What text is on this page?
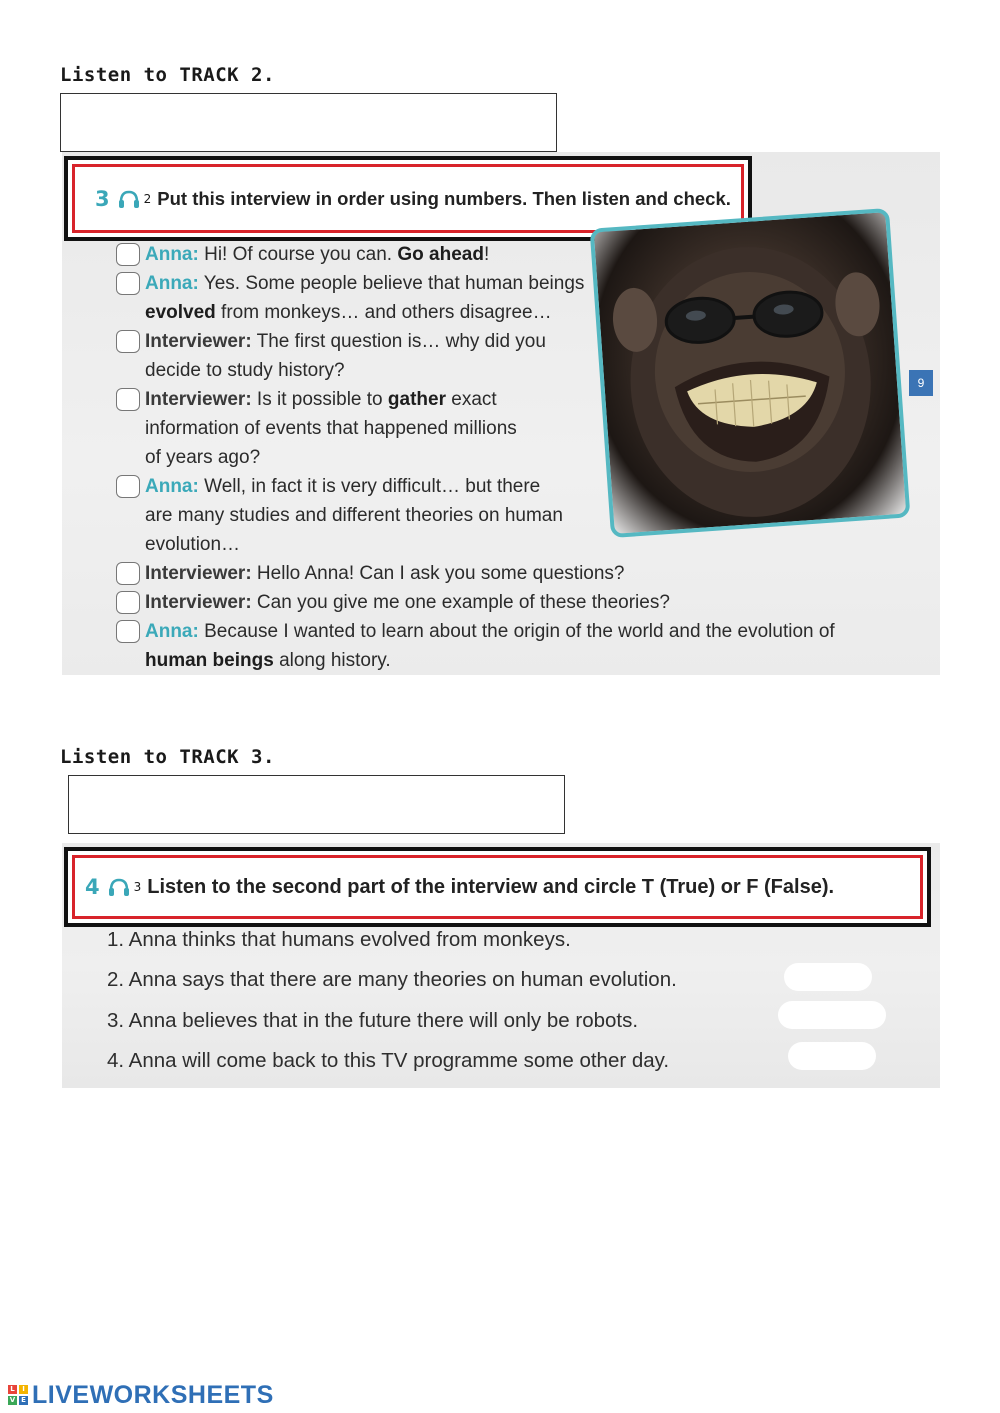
Listen to TRACK 2.
3	2 Put this interview in order using numbers. Then listen and check.
Anna: Hi! Of course you can. Go ahead!
Anna: Yes. Some people believe that human beings
evolved from monkeys… and others disagree…
Interviewer: The first question is… why did you
decide to study history?
Interviewer: Is it possible to gather exact
information of events that happened millions
of years ago?
Anna: Well, in fact it is very difficult… but there
are many studies and different theories on human
evolution…
Interviewer: Hello Anna! Can I ask you some questions?
Interviewer: Can you give me one example of these theories?
Anna: Because I wanted to learn about the origin of the world and the evolution of
human beings along history.
9
Listen to TRACK 3.
4	3 Listen to the second part of the interview and circle T (True) or F (False).
1. Anna thinks that humans evolved from monkeys.
2. Anna says that there are many theories on human evolution.
3. Anna believes that in the future there will only be robots.
4. Anna will come back to this TV programme some other day.
L	I
V E LIVEWORKSHEETS
